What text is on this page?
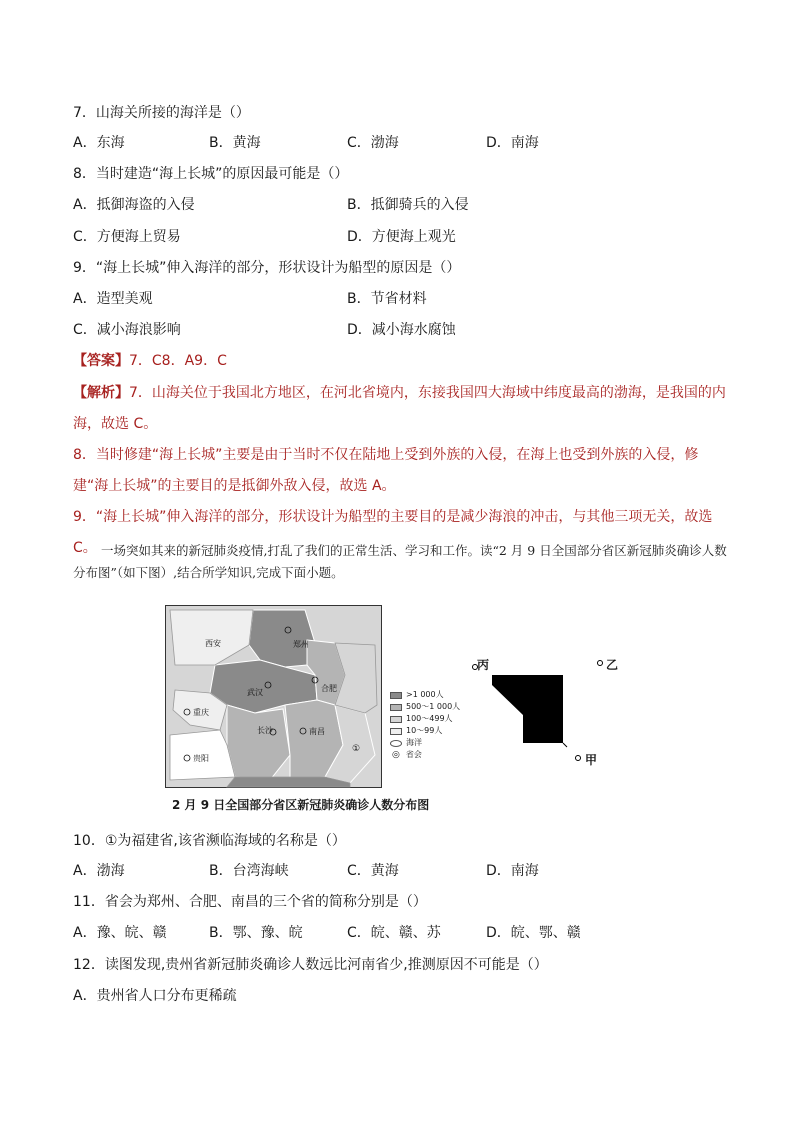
7．山海关所接的海洋是（）
A．东海	B．黄海	C．渤海	D．南海
8．当时建造“海上长城”的原因最可能是（）
A．抵御海盗的入侵	B．抵御骑兵的入侵
C．方便海上贸易	D．方便海上观光
9．“海上长城”伸入海洋的部分，形状设计为船型的原因是（）
A．造型美观	B．节省材料
C．减小海浪影响	D．减小海水腐蚀
【答案】7．C8．A9．C
【解析】7．山海关位于我国北方地区，在河北省境内，东接我国四大海域中纬度最高的渤海，是我国的内海，故选 C。
8．当时修建“海上长城”主要是由于当时不仅在陆地上受到外族的入侵，在海上也受到外族的入侵，修建“海上长城”的主要目的是抵御外敌入侵，故选 A。
9．“海上长城”伸入海洋的部分，形状设计为船型的主要目的是减少海浪的冲击，与其他三项无关，故选 C。 一场突如其来的新冠肺炎疫情,打乱了我们的正常生活、学习和工作。读“2 月 9 日全国部分省区新冠肺炎确诊人数分布图”（如下图）,结合所学知识,完成下面小题。
西安	郑州
合肥
武汉
重庆
长沙	南昌
贵阳
①
>1 000人
500～1 000人
100～499人
10～99人
海洋
◎ 省会
2 月 9 日全国部分省区新冠肺炎确诊人数分布图
丙	乙
甲
10．①为福建省,该省濒临海域的名称是（）
A．渤海	B．台湾海峡	C．黄海	D．南海
11．省会为郑州、合肥、南昌的三个省的简称分别是（）
A．豫、皖、赣	B．鄂、豫、皖	C．皖、赣、苏	D．皖、鄂、赣
12．读图发现,贵州省新冠肺炎确诊人数远比河南省少,推测原因不可能是（）
A．贵州省人口分布更稀疏
